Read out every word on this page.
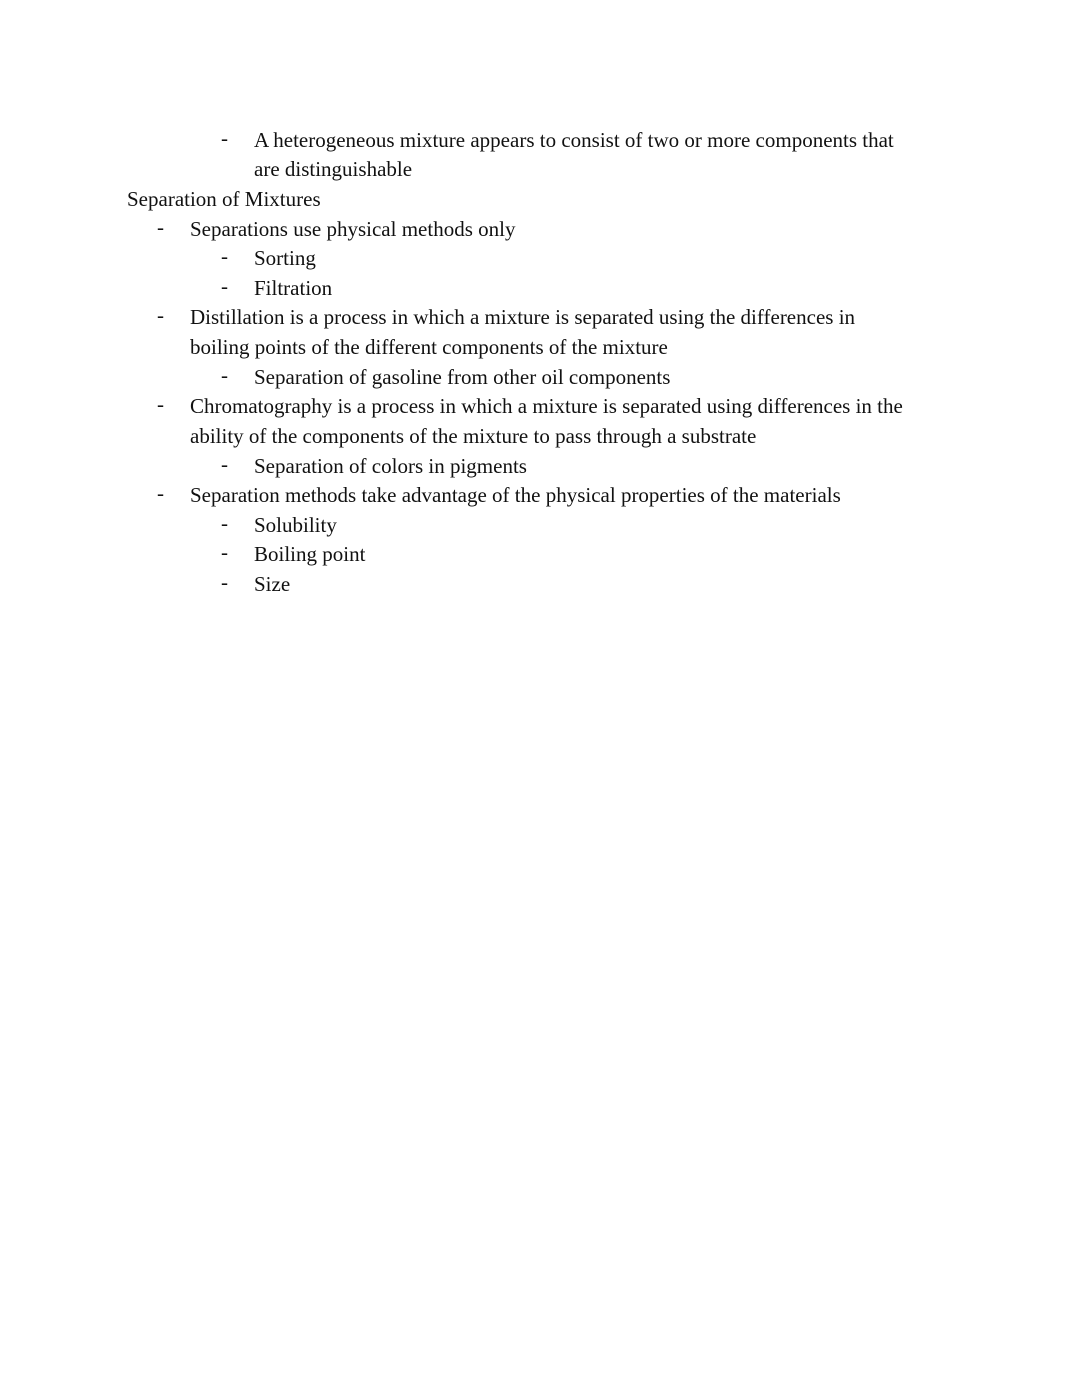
- A heterogeneous mixture appears to consist of two or more components that
are distinguishable
Separation of Mixtures
- Separations use physical methods only
- Sorting
- Filtration
- Distillation is a process in which a mixture is separated using the differences in
boiling points of the different components of the mixture
- Separation of gasoline from other oil components
- Chromatography is a process in which a mixture is separated using differences in the
ability of the components of the mixture to pass through a substrate
- Separation of colors in pigments
- Separation methods take advantage of the physical properties of the materials
- Solubility
- Boiling point
- Size
